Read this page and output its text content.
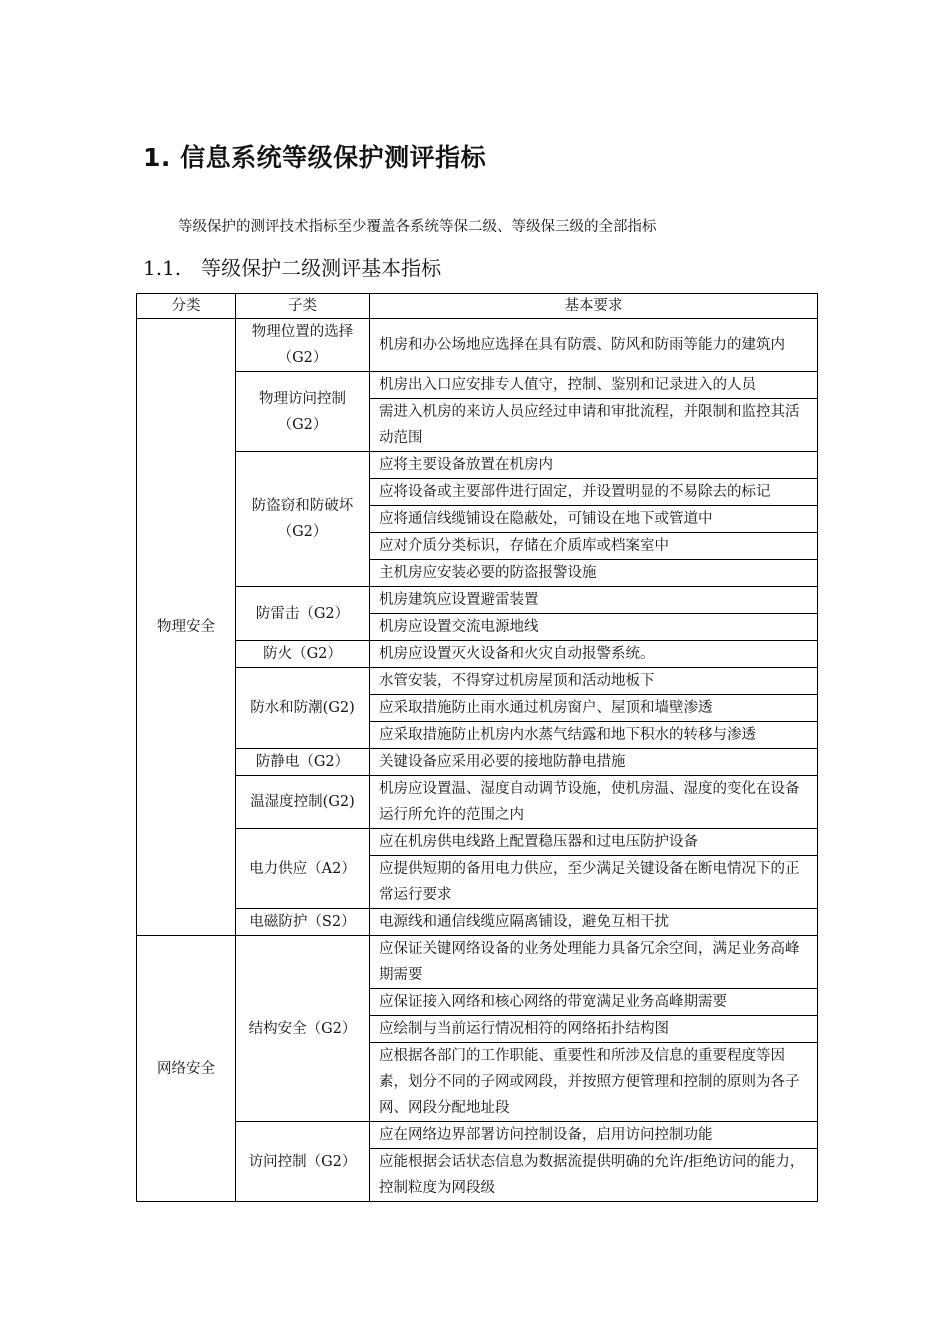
1. 信息系统等级保护测评指标
等级保护的测评技术指标至少覆盖各系统等保二级、等级保三级的全部指标
1.1. 等级保护二级测评基本指标
分类	子类	基本要求
物理安全	物理位置的选择（G2）	机房和办公场地应选择在具有防震、防风和防雨等能力的建筑内
	物理访问控制（G2）	机房出入口应安排专人值守，控制、鉴别和记录进入的人员
		需进入机房的来访人员应经过申请和审批流程，并限制和监控其活动范围
	防盗窃和防破坏（G2）	应将主要设备放置在机房内
		应将设备或主要部件进行固定，并设置明显的不易除去的标记
		应将通信线缆铺设在隐蔽处，可铺设在地下或管道中
		应对介质分类标识，存储在介质库或档案室中
		主机房应安装必要的防盗报警设施
	防雷击（G2）	机房建筑应设置避雷装置
		机房应设置交流电源地线
	防火（G2）	机房应设置灭火设备和火灾自动报警系统。
	防水和防潮(G2)	水管安装，不得穿过机房屋顶和活动地板下
		应采取措施防止雨水通过机房窗户、屋顶和墙壁渗透
		应采取措施防止机房内水蒸气结露和地下积水的转移与渗透
	防静电（G2）	关键设备应采用必要的接地防静电措施
	温湿度控制(G2)	机房应设置温、湿度自动调节设施，使机房温、湿度的变化在设备运行所允许的范围之内
	电力供应（A2）	应在机房供电线路上配置稳压器和过电压防护设备
		应提供短期的备用电力供应，至少满足关键设备在断电情况下的正常运行要求
	电磁防护（S2）	电源线和通信线缆应隔离铺设，避免互相干扰
网络安全	结构安全（G2）	应保证关键网络设备的业务处理能力具备冗余空间，满足业务高峰期需要
		应保证接入网络和核心网络的带宽满足业务高峰期需要
		应绘制与当前运行情况相符的网络拓扑结构图
		应根据各部门的工作职能、重要性和所涉及信息的重要程度等因素，划分不同的子网或网段，并按照方便管理和控制的原则为各子网、网段分配地址段
	访问控制（G2）	应在网络边界部署访问控制设备，启用访问控制功能
		应能根据会话状态信息为数据流提供明确的允许/拒绝访问的能力，控制粒度为网段级
